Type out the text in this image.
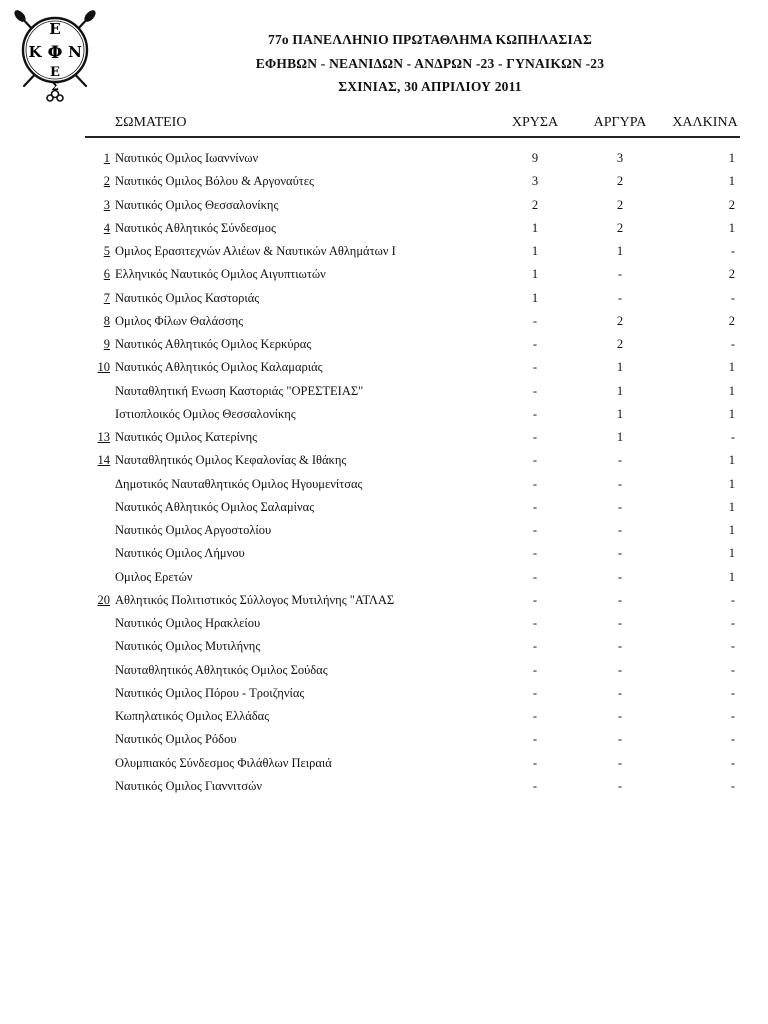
Ε
Κ Φ Ν
Ε
Σ
77ο ΠΑΝΕΛΛΗΝΙΟ ΠΡΩΤΑΘΛΗΜΑ ΚΩΠΗΛΑΣΙΑΣ
ΕΦΗΒΩΝ - ΝΕΑΝΙΔΩΝ - ΑΝΔΡΩΝ -23 - ΓΥΝΑΙΚΩΝ -23
ΣΧΙΝΙΑΣ, 30 ΑΠΡΙΛΙΟΥ 2011
ΣΩΜΑΤΕΙΟ	ΧΡΥΣΑ	ΑΡΓΥΡΑ	ΧΑΛΚΙΝΑ
1 Ναυτικός Ομιλος Ιωαννίνων	9	3	1
2 Ναυτικός Ομιλος Βόλου & Αργοναύτες	3	2	1
3 Ναυτικός Ομιλος Θεσσαλονίκης	2	2	2
4 Ναυτικός Αθλητικός Σύνδεσμος	1	2	1
5 Ομιλος Ερασιτεχνών Αλιέων & Ναυτικών Αθλημάτων Ι	1	1	-
6 Ελληνικός Ναυτικός Ομιλος Αιγυπτιωτών	1	-	2
7 Ναυτικός Ομιλος Καστοριάς	1	-	-
8 Ομιλος Φίλων Θαλάσσης	-	2	2
9 Ναυτικός Αθλητικός Ομιλος Κερκύρας	-	2	-
10 Ναυτικός Αθλητικός Ομιλος Καλαμαριάς	-	1	1
Ναυταθλητική Ενωση Καστοριάς "ΟΡΕΣΤΕΙΑΣ"	-	1	1
Ιστιοπλοικός Ομιλος Θεσσαλονίκης	-	1	1
13 Ναυτικός Ομιλος Κατερίνης	-	1	-
14 Ναυταθλητικός Ομιλος Κεφαλονίας & Ιθάκης	-	-	1
Δημοτικός Ναυταθλητικός Ομιλος Ηγουμενίτσας	-	-	1
Ναυτικός Αθλητικός Ομιλος Σαλαμίνας	-	-	1
Ναυτικός Ομιλος Αργοστολίου	-	-	1
Ναυτικός Ομιλος Λήμνου	-	-	1
Ομιλος Ερετών	-	-	1
20 Αθλητικός Πολιτιστικός Σύλλογος Μυτιλήνης "ΑΤΛΑΣ	-	-	-
Ναυτικός Ομιλος Ηρακλείου	-	-	-
Ναυτικός Ομιλος Μυτιλήνης	-	-	-
Ναυταθλητικός Αθλητικός Ομιλος Σούδας	-	-	-
Ναυτικός Ομιλος Πόρου - Τροιζηνίας	-	-	-
Κωπηλατικός Ομιλος Ελλάδας	-	-	-
Ναυτικός Ομιλος Ρόδου	-	-	-
Ολυμπιακός Σύνδεσμος Φιλάθλων Πειραιά	-	-	-
Ναυτικός Ομιλος Γιαννιτσών	-	-	-
